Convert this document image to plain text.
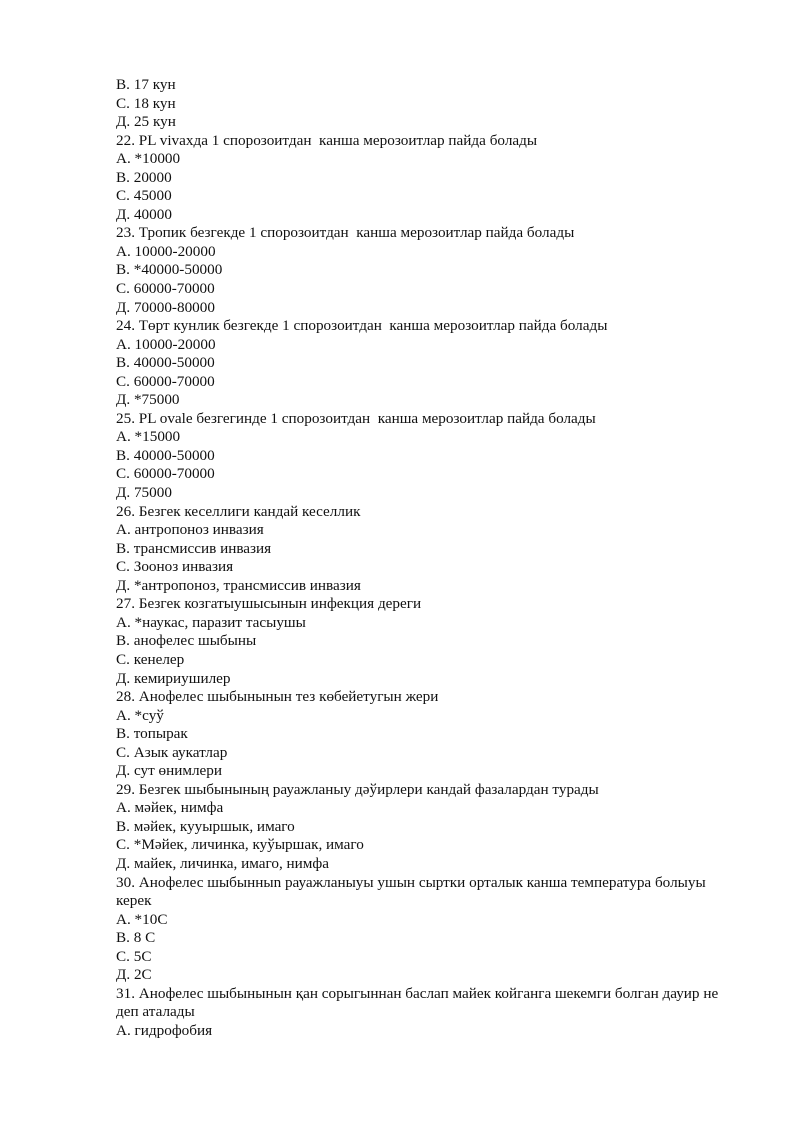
В. 17 кун
С. 18 кун
Д. 25 кун
22. PL vivaхда 1 спорозоитдан  канша мерозоитлар пайда болады
А. *10000
В. 20000
С. 45000
Д. 40000
23. Тропик безгекде 1 спорозоитдан  канша мерозоитлар пайда болады
А. 10000-20000
В. *40000-50000
С. 60000-70000
Д. 70000-80000
24. Төрт кунлик безгекде 1 спорозоитдан  канша мерозоитлар пайда болады
А. 10000-20000
В. 40000-50000
С. 60000-70000
Д. *75000
25. PL ovale безгегинде 1 спорозоитдан  канша мерозоитлар пайда болады
А. *15000
В. 40000-50000
С. 60000-70000
Д. 75000
26. Безгек кеселлиги кандай кеселлик
А. антропоноз инвазия
В. трансмиссив инвазия
С. Зооноз инвазия
Д. *антропоноз, трансмиссив инвазия
27. Безгек козгатыушысынын инфекция дереги
А. *наукас, паразит тасыушы
В. анофелес шыбыны
С. кенелер
Д. кемириушилер
28. Анофелес шыбынынын тез көбейетугын жери
А. *суў
В. топырак
С. Азык аукатлар
Д. сут өнимлери
29. Безгек шыбынының рауажланыу дәўирлери кандай фазалардан турады
А. мәйек, нимфа
В. мәйек, кууыршык, имаго
С. *Мәйек, личинка, куўыршак, имаго
Д. майек, личинка, имаго, нимфа
30. Анофелес шыбынныn рауажланыуы ушын сыртки орталык канша температура болыуы керек
А. *10С
В. 8 С
С. 5С
Д. 2С
31. Анофелес шыбынынын қан сорыгыннан баслап майек койганга шекемги болган дауир не деп аталады
А. гидрофобия
